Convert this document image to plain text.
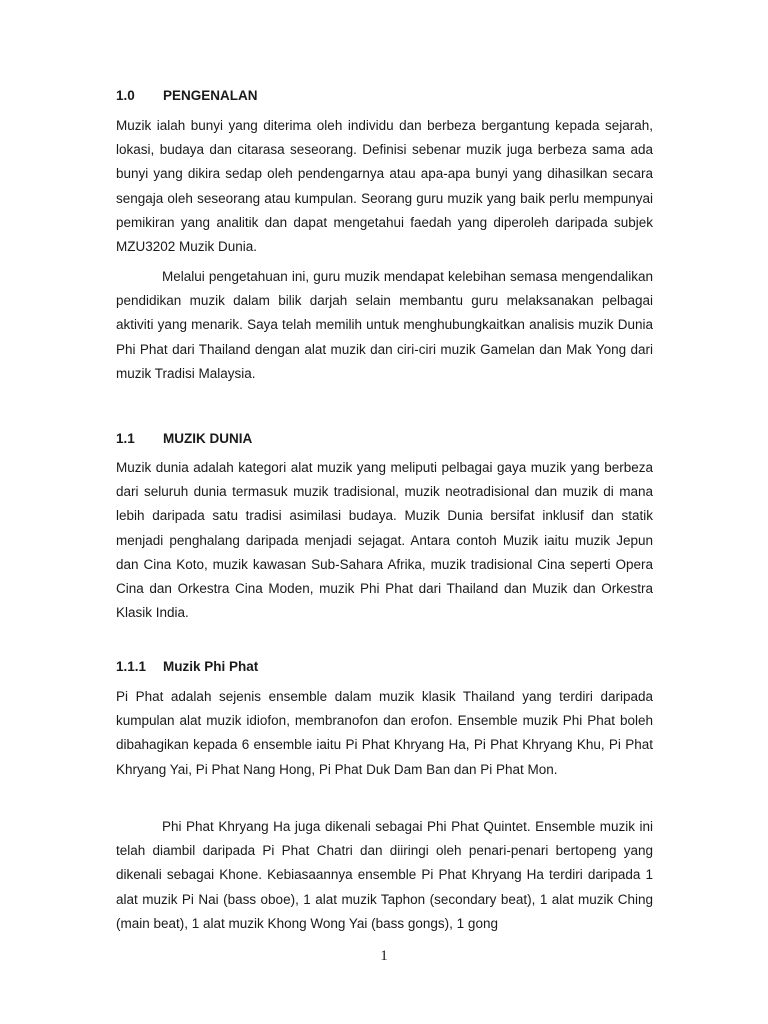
1.0 PENGENALAN

Muzik ialah bunyi yang diterima oleh individu dan berbeza bergantung kepada sejarah, lokasi, budaya dan citarasa seseorang. Definisi sebenar muzik juga berbeza sama ada bunyi yang dikira sedap oleh pendengarnya atau apa-apa bunyi yang dihasilkan secara sengaja oleh seseorang atau kumpulan. Seorang guru muzik yang baik perlu mempunyai pemikiran yang analitik dan dapat mengetahui faedah yang diperoleh daripada subjek MZU3202 Muzik Dunia.

Melalui pengetahuan ini, guru muzik mendapat kelebihan semasa mengendalikan pendidikan muzik dalam bilik darjah selain membantu guru melaksanakan pelbagai aktiviti yang menarik. Saya telah memilih untuk menghubungkaitkan analisis muzik Dunia Phi Phat dari Thailand dengan alat muzik dan ciri-ciri muzik Gamelan dan Mak Yong dari muzik Tradisi Malaysia.

1.1 MUZIK DUNIA

Muzik dunia adalah kategori alat muzik yang meliputi pelbagai gaya muzik yang berbeza dari seluruh dunia termasuk muzik tradisional, muzik neotradisional dan muzik di mana lebih daripada satu tradisi asimilasi budaya. Muzik Dunia bersifat inklusif dan statik menjadi penghalang daripada menjadi sejagat. Antara contoh Muzik iaitu muzik Jepun dan Cina Koto, muzik kawasan Sub-Sahara Afrika, muzik tradisional Cina seperti Opera Cina dan Orkestra Cina Moden, muzik Phi Phat dari Thailand dan Muzik dan Orkestra Klasik India.

1.1.1 Muzik Phi Phat

Pi Phat adalah sejenis ensemble dalam muzik klasik Thailand yang terdiri daripada kumpulan alat muzik idiofon, membranofon dan erofon. Ensemble muzik Phi Phat boleh dibahagikan kepada 6 ensemble iaitu Pi Phat Khryang Ha, Pi Phat Khryang Khu, Pi Phat Khryang Yai, Pi Phat Nang Hong, Pi Phat Duk Dam Ban dan Pi Phat Mon.

Phi Phat Khryang Ha juga dikenali sebagai Phi Phat Quintet. Ensemble muzik ini telah diambil daripada Pi Phat Chatri dan diiringi oleh penari-penari bertopeng yang dikenali sebagai Khone. Kebiasaannya ensemble Pi Phat Khryang Ha terdiri daripada 1 alat muzik Pi Nai (bass oboe), 1 alat muzik Taphon (secondary beat), 1 alat muzik Ching (main beat), 1 alat muzik Khong Wong Yai (bass gongs), 1 gong

1
